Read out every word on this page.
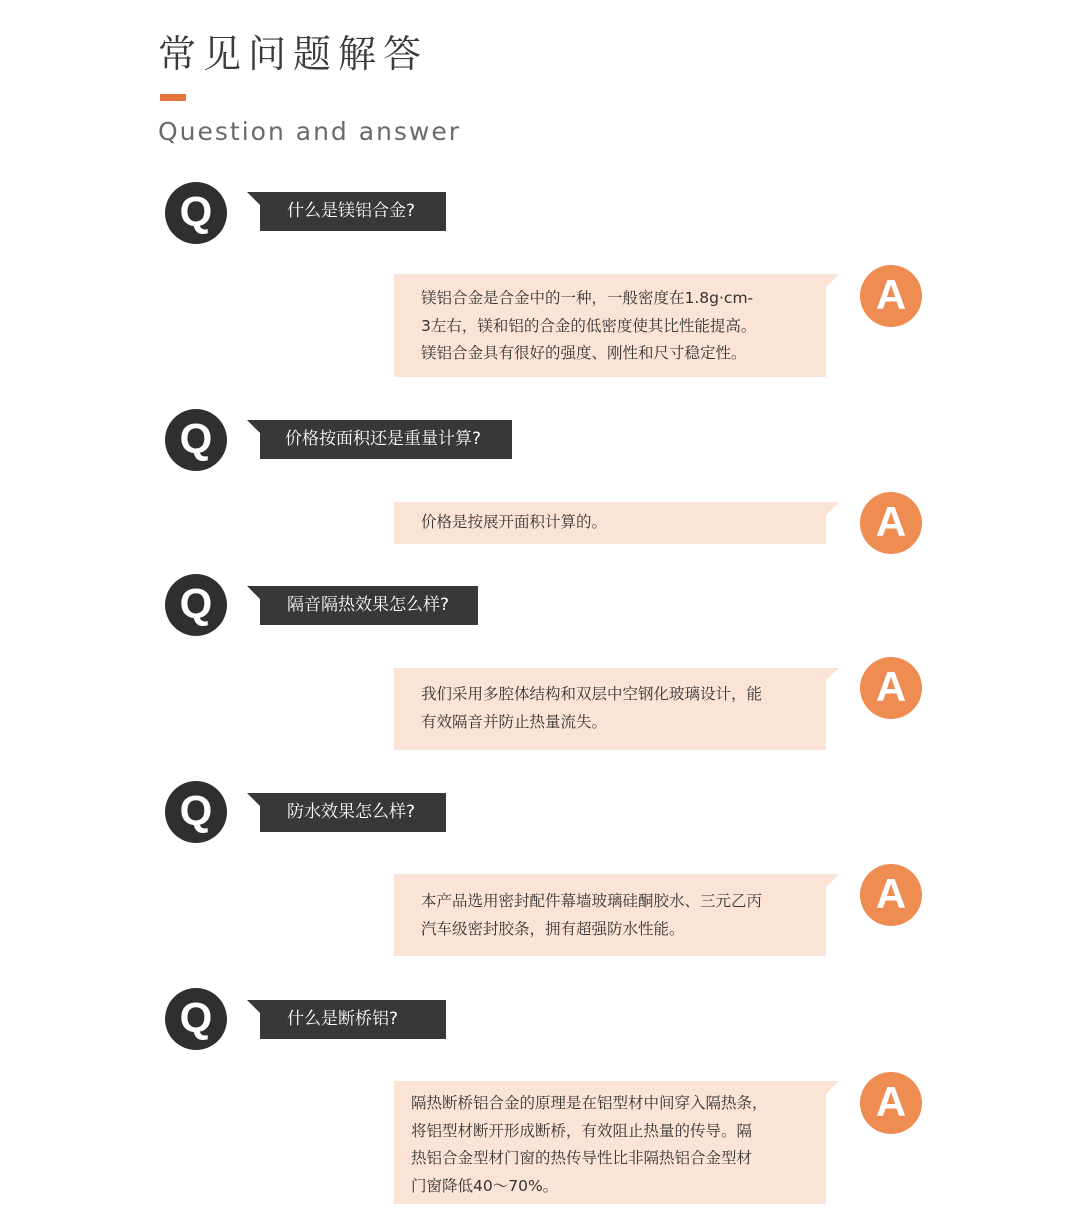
常见问题解答
Question and answer
Q	什么是镁铝合金?
镁铝合金是合金中的一种，一般密度在1.8g·cm-
3左右，镁和铝的合金的低密度使其比性能提高。
镁铝合金具有很好的强度、刚性和尺寸稳定性。
A
Q	价格按面积还是重量计算?
价格是按展开面积计算的。	A
Q	隔音隔热效果怎么样?
我们采用多腔体结构和双层中空钢化玻璃设计，能
有效隔音并防止热量流失。
A
Q	防水效果怎么样?
本产品选用密封配件幕墙玻璃硅酮胶水、三元乙丙
汽车级密封胶条，拥有超强防水性能。
A
Q	什么是断桥铝?
隔热断桥铝合金的原理是在铝型材中间穿入隔热条，
将铝型材断开形成断桥，有效阻止热量的传导。隔
热铝合金型材门窗的热传导性比非隔热铝合金型材
门窗降低40～70%。
A
